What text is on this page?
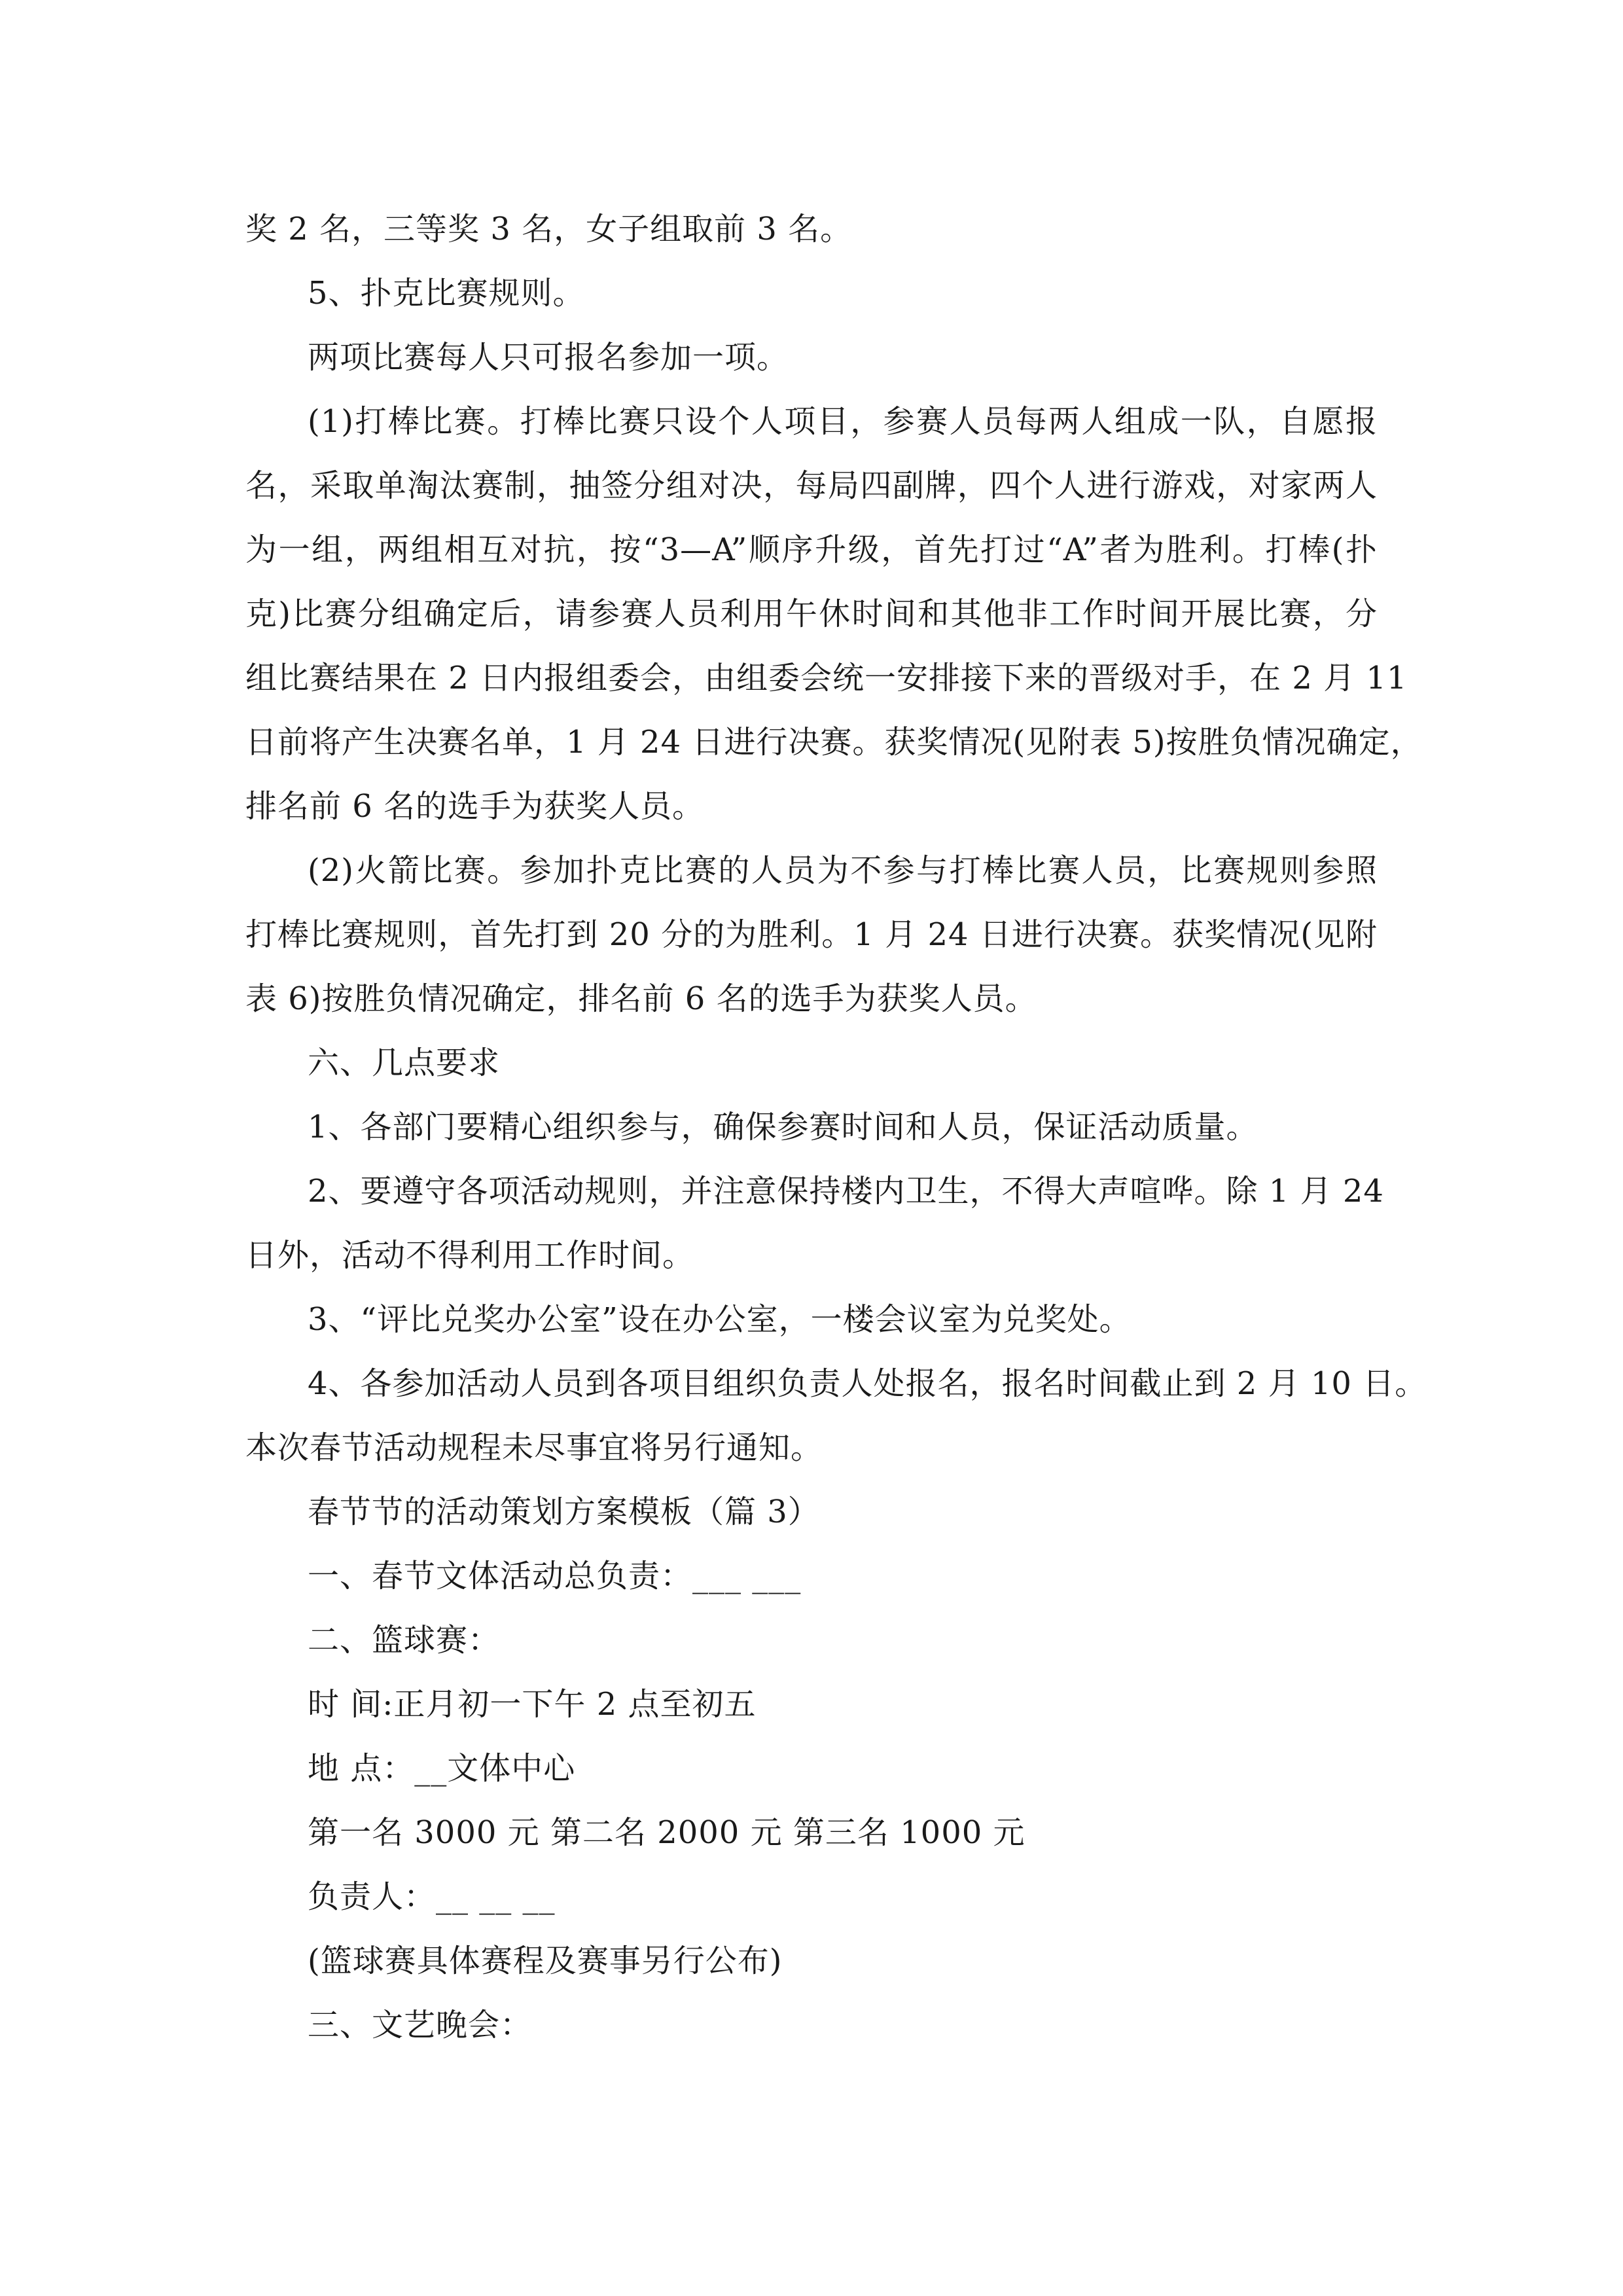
奖 2 名，三等奖 3 名，女子组取前 3 名。
5、扑克比赛规则。
两项比赛每人只可报名参加一项。
(1)打棒比赛。打棒比赛只设个人项目，参赛人员每两人组成一队，自愿报
名，采取单淘汰赛制，抽签分组对决，每局四副牌，四个人进行游戏，对家两人
为一组，两组相互对抗，按“3—A”顺序升级，首先打过“A”者为胜利。打棒(扑
克)比赛分组确定后，请参赛人员利用午休时间和其他非工作时间开展比赛，分
组比赛结果在 2 日内报组委会，由组委会统一安排接下来的晋级对手，在 2 月 11
日前将产生决赛名单，1 月 24 日进行决赛。获奖情况(见附表 5)按胜负情况确定，
排名前 6 名的选手为获奖人员。
(2)火箭比赛。参加扑克比赛的人员为不参与打棒比赛人员，比赛规则参照
打棒比赛规则，首先打到 20 分的为胜利。1 月 24 日进行决赛。获奖情况(见附
表 6)按胜负情况确定，排名前 6 名的选手为获奖人员。
六、几点要求
1、各部门要精心组织参与，确保参赛时间和人员，保证活动质量。
2、要遵守各项活动规则，并注意保持楼内卫生，不得大声喧哗。除 1 月 24
日外，活动不得利用工作时间。
3、“评比兑奖办公室”设在办公室，一楼会议室为兑奖处。
4、各参加活动人员到各项目组织负责人处报名，报名时间截止到 2 月 10 日。
本次春节活动规程未尽事宜将另行通知。
春节节的活动策划方案模板（篇 3）
一、春节文体活动总负责：___ ___
二、篮球赛：
时 间:正月初一下午 2 点至初五
地 点：__文体中心
第一名 3000 元 第二名 2000 元 第三名 1000 元
负责人：__ __ __
(篮球赛具体赛程及赛事另行公布)
三、文艺晚会：
